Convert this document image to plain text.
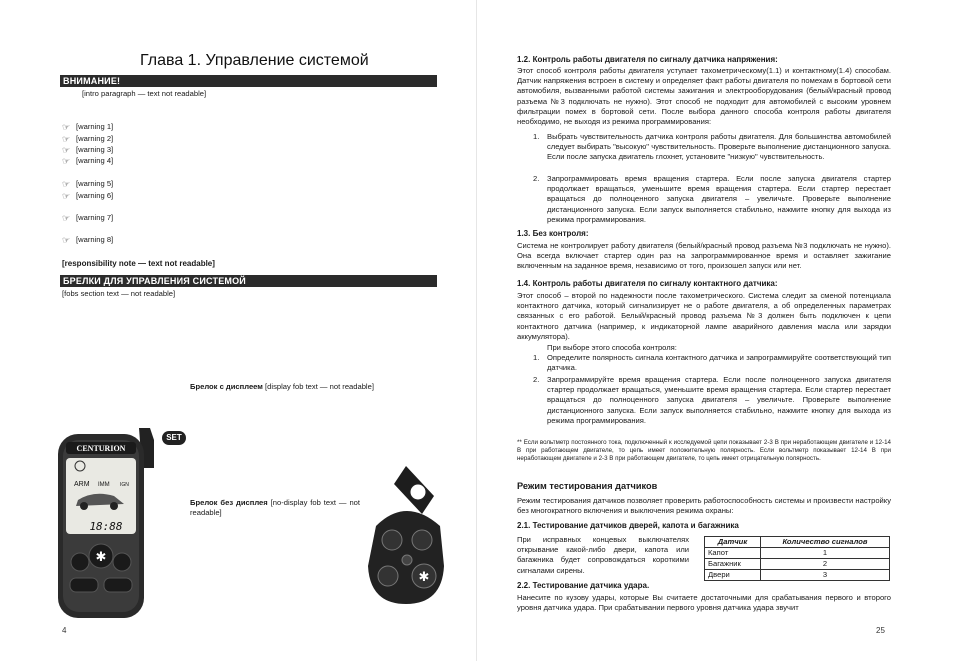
Глава 1. Управление системой
ВНИМАНИЕ!
[intro paragraph — text not readable]
☞ [warning 1]
☞ [warning 2]
☞ [warning 3]
☞ [warning 4]
☞ [warning 5]
☞ [warning 6]
☞ [warning 7]
☞ [warning 8]
[responsibility note — text not readable]
БРЕЛКИ ДЛЯ УПРАВЛЕНИЯ СИСТЕМОЙ
[fobs section text — not readable]
Брелок с дисплеем [display fob text — not readable]
Брелок без дисплея [no-display fob text — not readable]
CENTURION
ARM IMM IGN
18:88
✱
SET
✱
4
1.2. Контроль работы двигателя по сигналу датчика напряжения:
Этот способ контроля работы двигателя уступает тахометрическому(1.1) и контактному(1.4) способам. Датчик напряжения встроен в систему и определяет факт работы двигателя по помехам в бортовой сети автомобиля, вызванными работой системы зажигания и электрооборудования (белый/красный провод разъема №3 подключать не нужно). Этот способ не подходит для автомобилей с высоким уровнем фильтрации помех в бортовой сети. После выбора данного способа контроля работы двигателя необходимо, не выходя из режима программирования:
1. Выбрать чувствительность датчика контроля работы двигателя. Для большинства автомобилей следует выбирать "высокую" чувствительность. Проверьте выполнение дистанционного запуска. Если после запуска двигатель глохнет, установите "низкую" чувствительность.
2. Запрограммировать время вращения стартера. Если после запуска двигателя стартер продолжает вращаться, уменьшите время вращения стартера. Если стартер перестает вращаться до полноценного запуска двигателя – увеличьте. Проверьте выполнение дистанционного запуска. Если запуск выполняется стабильно, нажмите кнопку для выхода из режима программирования.
1.3. Без контроля:
Система не контролирует работу двигателя (белый/красный провод разъема №3 подключать не нужно). Она всегда включает стартер один раз на запрограммированное время и оставляет зажигание включенным на заданное время, независимо от того, произошел запуск или нет.
1.4. Контроль работы двигателя по сигналу контактного датчика:
Этот способ – второй по надежности после тахометрического. Система следит за сменой потенциала контактного датчика, который сигнализирует не о работе двигателя, а об определенных параметрах связанных с его работой. Белый/красный провод разъема №3 должен быть подключен к цепи контактного датчика (например, к индикаторной лампе аварийного давления масла или зарядки аккумулятора).
При выборе этого способа контроля:
1. Определите полярность сигнала контактного датчика и запрограммируйте соответствующий тип датчика.
2. Запрограммируйте время вращения стартера. Если после полноценного запуска двигателя стартер продолжает вращаться, уменьшите время вращения стартера. Если стартер перестает вращаться до полноценного запуска двигателя – увеличьте. Проверьте выполнение дистанционного запуска. Если запуск выполняется стабильно, нажмите кнопку для выхода из режима программирования.
** Если вольтметр постоянного тока, подключенный к исследуемой цепи показывает 2-3 В при неработающем двигателе и 12-14 В при работающем двигателе, то цепь имеет положительную полярность. Если вольтметр показывает 12-14 В при неработающем двигателе и 2-3 В при работающем двигателе, то цепь имеет отрицательную полярность.
Режим тестирования датчиков
Режим тестирования датчиков позволяет проверить работоспособность системы и произвести настройку без многократного включения и выключения режима охраны:
2.1. Тестирование датчиков дверей, капота и багажника
При исправных концевых выключателях открывание какой-либо двери, капота или багажника будет сопровождаться короткими сигналами сирены.
Датчик	Количество сигналов
Капот	1
Багажник	2
Двери	3
2.2. Тестирование датчика удара.
Нанесите по кузову удары, которые Вы считаете достаточными для срабатывания первого и второго уровня датчика удара. При срабатывании первого уровня датчика удара звучит
25
